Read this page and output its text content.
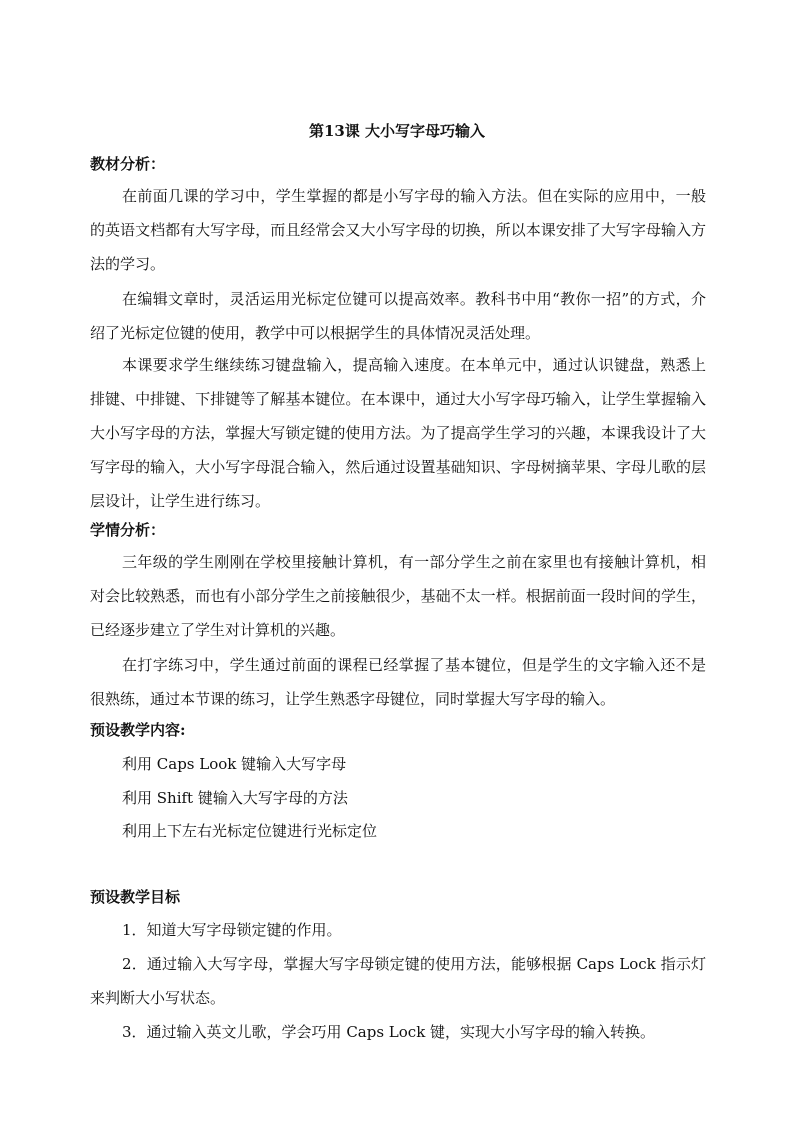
第13课 大小写字母巧输入
教材分析：
在前面几课的学习中，学生掌握的都是小写字母的输入方法。但在实际的应用中，一般的英语文档都有大写字母，而且经常会又大小写字母的切换，所以本课安排了大写字母输入方法的学习。
在编辑文章时，灵活运用光标定位键可以提高效率。教科书中用“教你一招”的方式，介绍了光标定位键的使用，教学中可以根据学生的具体情况灵活处理。
本课要求学生继续练习键盘输入，提高输入速度。在本单元中，通过认识键盘，熟悉上排键、中排键、下排键等了解基本键位。在本课中，通过大小写字母巧输入，让学生掌握输入大小写字母的方法，掌握大写锁定键的使用方法。为了提高学生学习的兴趣，本课我设计了大写字母的输入，大小写字母混合输入，然后通过设置基础知识、字母树摘苹果、字母儿歌的层层设计，让学生进行练习。
学情分析：
三年级的学生刚刚在学校里接触计算机，有一部分学生之前在家里也有接触计算机，相对会比较熟悉，而也有小部分学生之前接触很少，基础不太一样。根据前面一段时间的学生，已经逐步建立了学生对计算机的兴趣。
在打字练习中，学生通过前面的课程已经掌握了基本键位，但是学生的文字输入还不是很熟练，通过本节课的练习，让学生熟悉字母键位，同时掌握大写字母的输入。
预设教学内容:
利用 Caps Look 键输入大写字母
利用 Shift 键输入大写字母的方法
利用上下左右光标定位键进行光标定位
预设教学目标
1．知道大写字母锁定键的作用。
2．通过输入大写字母，掌握大写字母锁定键的使用方法，能够根据 Caps Lock 指示灯来判断大小写状态。
3．通过输入英文儿歌，学会巧用 Caps Lock 键，实现大小写字母的输入转换。
